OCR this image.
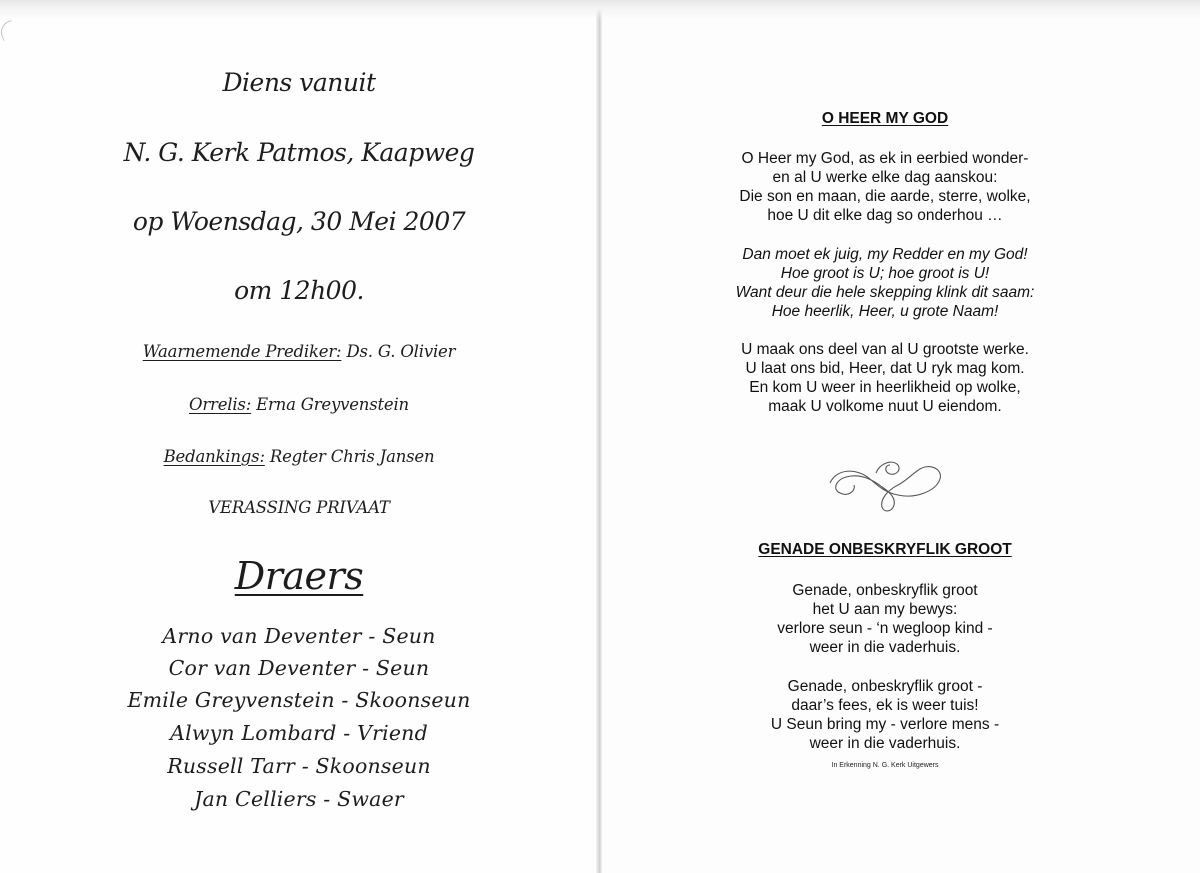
Diens vanuit
N. G. Kerk Patmos, Kaapweg
op Woensdag, 30 Mei 2007
om 12h00.
Waarnemende Prediker: Ds. G. Olivier
Orrelis: Erna Greyvenstein
Bedankings: Regter Chris Jansen
VERASSING PRIVAAT
Draers
Arno van Deventer - Seun
Cor van Deventer - Seun
Emile Greyvenstein - Skoonseun
Alwyn Lombard - Vriend
Russell Tarr - Skoonseun
Jan Celliers - Swaer
O HEER MY GOD
O Heer my God, as ek in eerbied wonder-
en al U werke elke dag aanskou:
Die son en maan, die aarde, sterre, wolke,
hoe U dit elke dag so onderhou …
Dan moet ek juig, my Redder en my God!
Hoe groot is U; hoe groot is U!
Want deur die hele skepping klink dit saam:
Hoe heerlik, Heer, u grote Naam!
U maak ons deel van al U grootste werke.
U laat ons bid, Heer, dat U ryk mag kom.
En kom U weer in heerlikheid op wolke,
maak U volkome nuut U eiendom.
GENADE ONBESKRYFLIK GROOT
Genade, onbeskryflik groot
het U aan my bewys:
verlore seun - ‘n wegloop kind -
weer in die vaderhuis.
Genade, onbeskryflik groot -
daar’s fees, ek is weer tuis!
U Seun bring my - verlore mens -
weer in die vaderhuis.
In Erkenning N. G. Kerk Uitgewers
